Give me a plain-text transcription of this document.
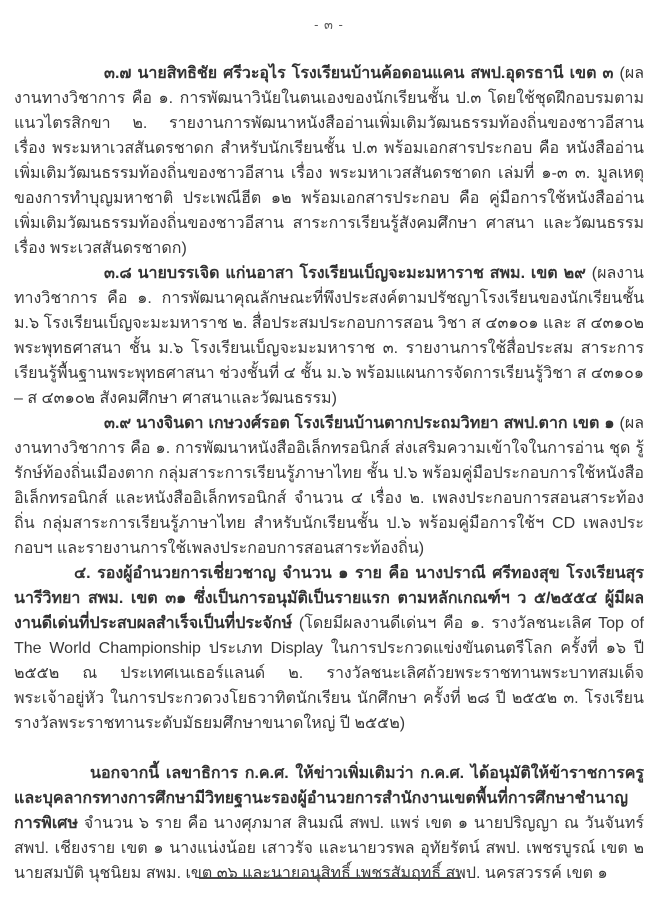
- ๓ -

๓.๗ นายสิทธิชัย ศรีวะอุไร โรงเรียนบ้านค้อดอนแคน สพป.อุดรธานี เขต ๓ (ผลงานทางวิชาการ คือ ๑. การพัฒนาวินัยในตนเองของนักเรียนชั้น ป.๓ โดยใช้ชุดฝึกอบรมตามแนวไตรสิกขา ๒. รายงานการพัฒนาหนังสืออ่านเพิ่มเติมวัฒนธรรมท้องถิ่นของชาวอีสาน เรื่อง พระมหาเวสสันดรชาดก สำหรับนักเรียนชั้น ป.๓ พร้อมเอกสารประกอบ คือ หนังสืออ่านเพิ่มเติมวัฒนธรรมท้องถิ่นของชาวอีสาน เรื่อง พระมหาเวสสันดรชาดก เล่มที่ ๑-๓ ๓. มูลเหตุของการทำบุญมหาชาติ ประเพณีฮีต ๑๒ พร้อมเอกสารประกอบ คือ คู่มือการใช้หนังสืออ่านเพิ่มเติมวัฒนธรรมท้องถิ่นของชาวอีสาน สาระการเรียนรู้สังคมศึกษา ศาสนา และวัฒนธรรม เรื่อง พระเวสสันดรชาดก)

๓.๘ นายบรรเจิด แก่นอาสา โรงเรียนเบ็ญจะมะมหาราช สพม. เขต ๒๙ (ผลงานทางวิชาการ คือ ๑. การพัฒนาคุณลักษณะที่พึงประสงค์ตามปรัชญาโรงเรียนของนักเรียนชั้น ม.๖ โรงเรียนเบ็ญจะมะมหาราช ๒. สื่อประสมประกอบการสอน วิชา ส ๔๓๑๐๑ และ ส ๔๓๑๐๒ พระพุทธศาสนา ชั้น ม.๖ โรงเรียนเบ็ญจะมะมหาราช ๓. รายงานการใช้สื่อประสม สาระการเรียนรู้พื้นฐานพระพุทธศาสนา ช่วงชั้นที่ ๔ ชั้น ม.๖ พร้อมแผนการจัดการเรียนรู้วิชา ส ๔๓๑๐๑ – ส ๔๓๑๐๒ สังคมศึกษา ศาสนาและวัฒนธรรม)

๓.๙ นางจินดา เกษวงศ์รอต โรงเรียนบ้านตากประถมวิทยา สพป.ตาก เขต ๑ (ผลงานทางวิชาการ คือ ๑. การพัฒนาหนังสืออิเล็กทรอนิกส์ ส่งเสริมความเข้าใจในการอ่าน ชุด รู้รักษ์ท้องถิ่นเมืองตาก กลุ่มสาระการเรียนรู้ภาษาไทย ชั้น ป.๖ พร้อมคู่มือประกอบการใช้หนังสืออิเล็กทรอนิกส์ และหนังสืออิเล็กทรอนิกส์ จำนวน ๔ เรื่อง ๒. เพลงประกอบการสอนสาระท้องถิ่น กลุ่มสาระการเรียนรู้ภาษาไทย สำหรับนักเรียนชั้น ป.๖ พร้อมคู่มือการใช้ฯ CD เพลงประกอบฯ และรายงานการใช้เพลงประกอบการสอนสาระท้องถิ่น)

๔. รองผู้อำนวยการเชี่ยวชาญ จำนวน ๑ ราย คือ นางปราณี ศรีทองสุข โรงเรียนสุรนารีวิทยา สพม. เขต ๓๑ ซึ่งเป็นการอนุมัติเป็นรายแรก ตามหลักเกณฑ์ฯ ว ๕/๒๕๕๔ ผู้มีผลงานดีเด่นที่ประสบผลสำเร็จเป็นที่ประจักษ์ (โดยมีผลงานดีเด่นฯ คือ ๑. รางวัลชนะเลิศ Top of The World Championship ประเภท Display ในการประกวดแข่งขันดนตรีโลก ครั้งที่ ๑๖ ปี ๒๕๕๒ ณ ประเทศเนเธอร์แลนด์ ๒. รางวัลชนะเลิศถ้วยพระราชทานพระบาทสมเด็จพระเจ้าอยู่หัว ในการประกวดวงโยธวาทิตนักเรียน นักศึกษา ครั้งที่ ๒๘ ปี ๒๕๕๒ ๓. โรงเรียนรางวัลพระราชทานระดับมัธยมศึกษาขนาดใหญ่ ปี ๒๕๕๒)

นอกจากนี้ เลขาธิการ ก.ค.ศ. ให้ข่าวเพิ่มเติมว่า ก.ค.ศ. ได้อนุมัติให้ข้าราชการครูและบุคลากรทางการศึกษามีวิทยฐานะรองผู้อำนวยการสำนักงานเขตพื้นที่การศึกษาชำนาญการพิเศษ จำนวน ๖ ราย คือ นางศุภมาส สินมณี สพป. แพร่ เขต ๑ นายปริญญา ณ วันจันทร์ สพป. เชียงราย เขต ๑ นางแน่งน้อย เสาวรัจ และนายวรพล อุทัยรัตน์ สพป. เพชรบูรณ์ เขต ๒ นายสมบัติ นุชนิยม สพม. เขต ๓๖ และนายอนุสิทธิ์ เพชรสัมฤทธิ์ สพป. นครสวรรค์ เขต ๑
